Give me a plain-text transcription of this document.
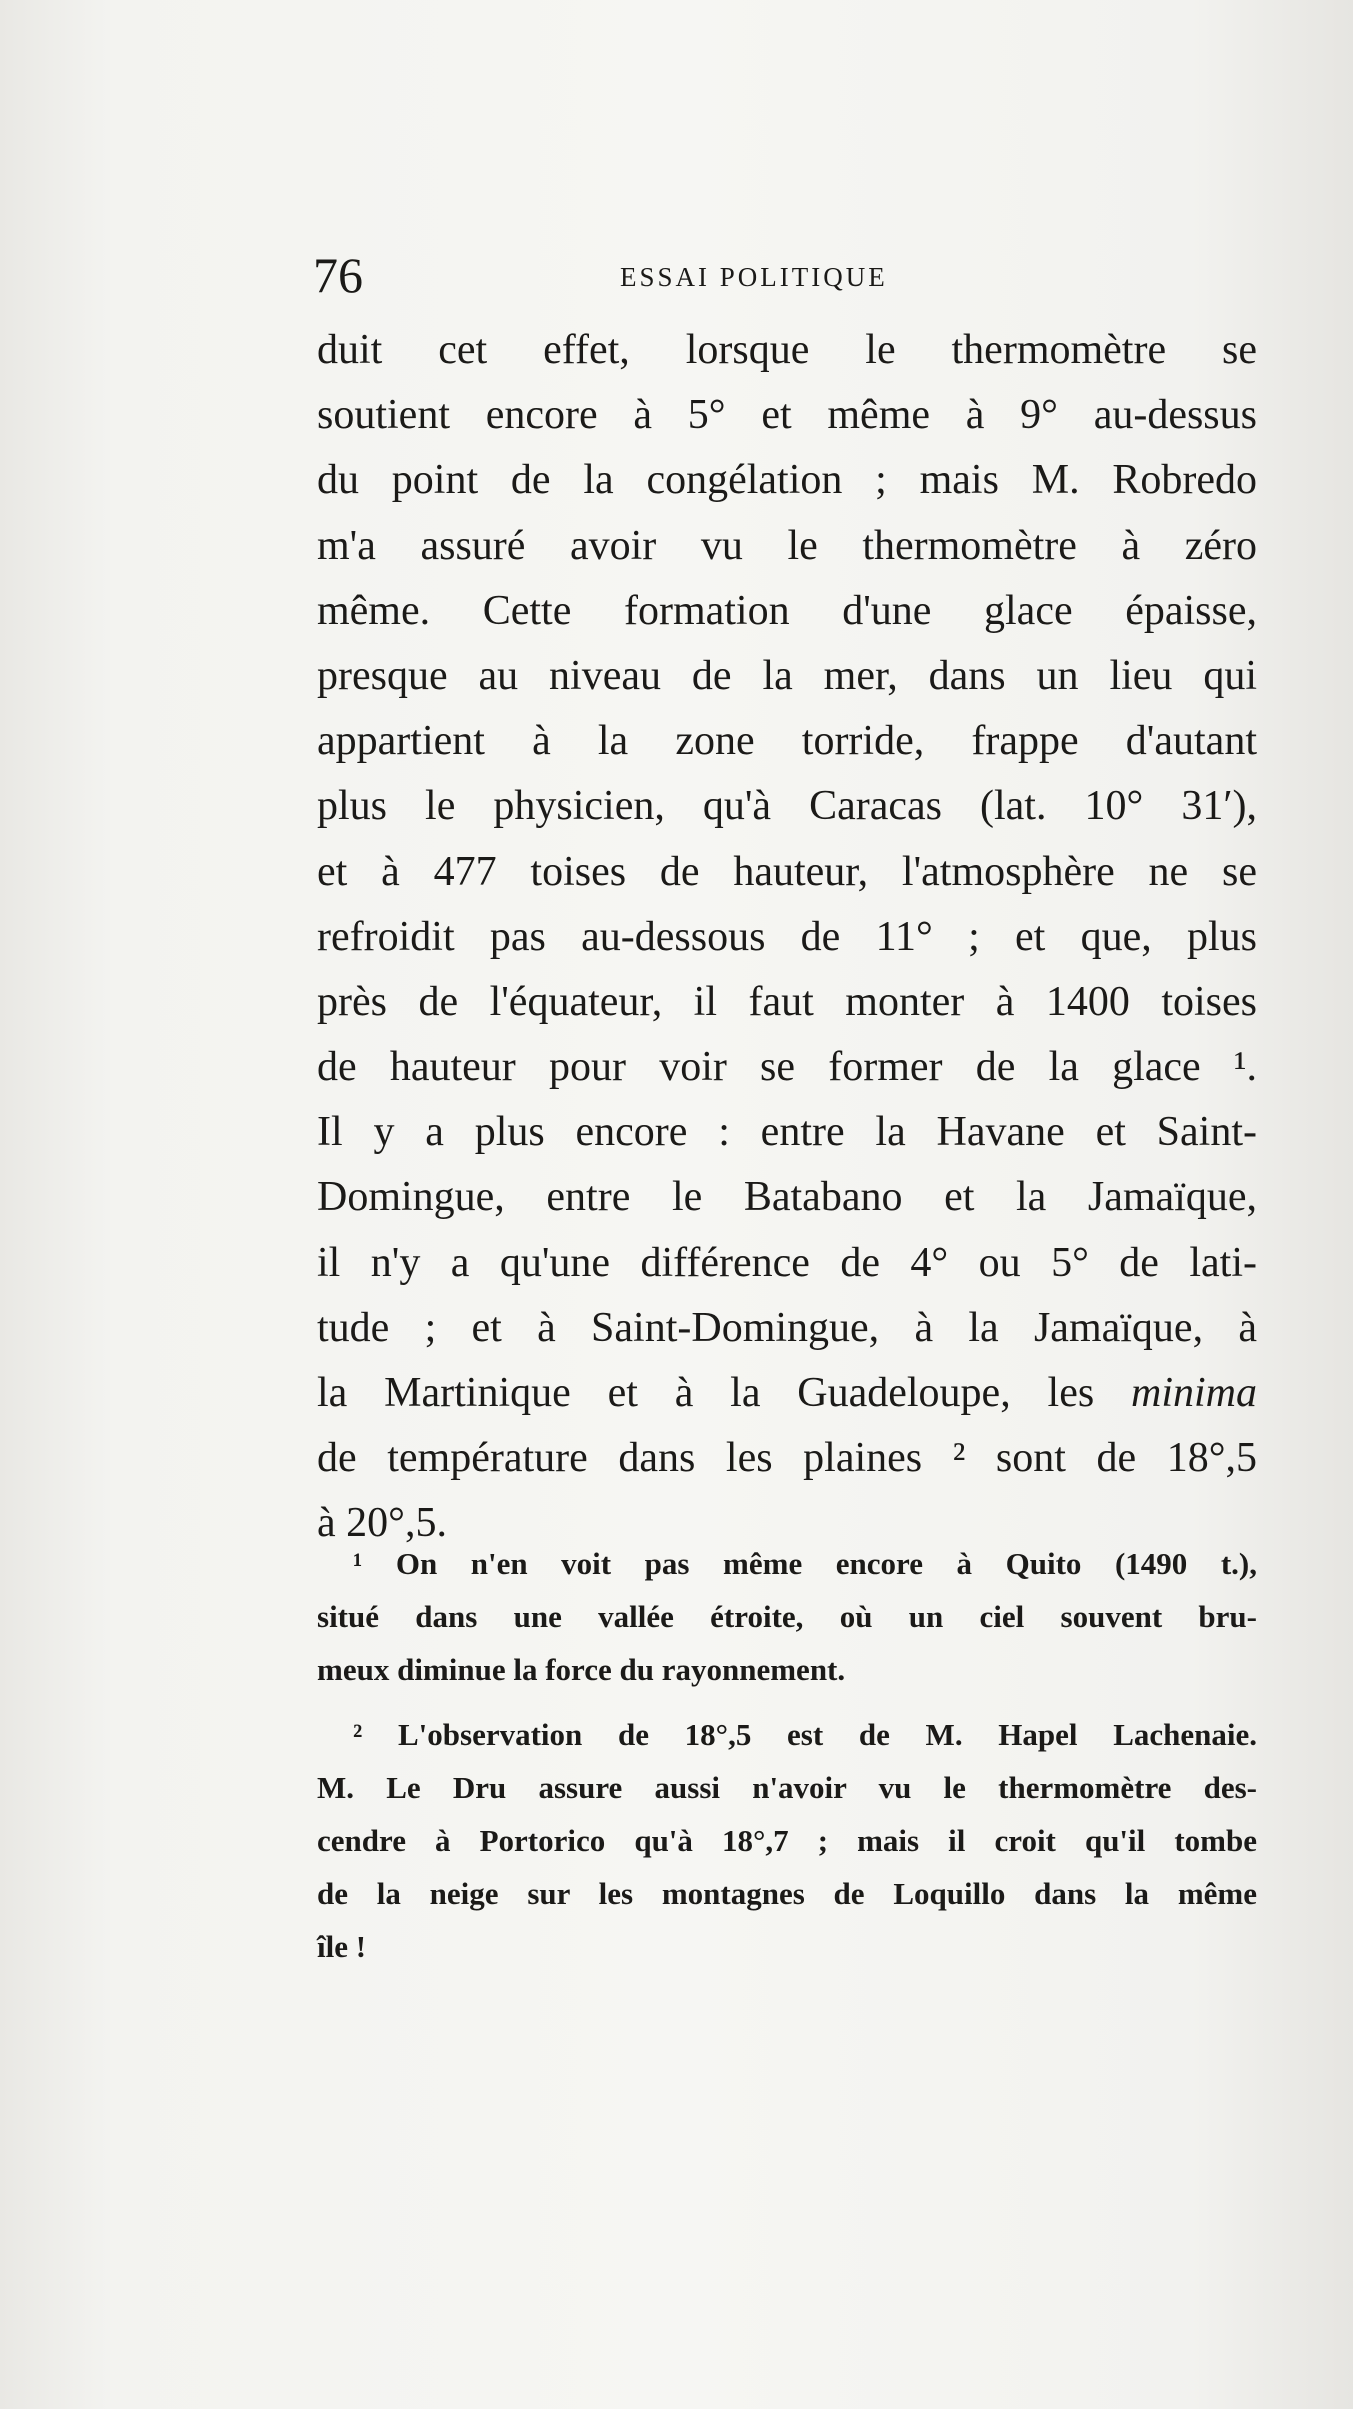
76	ESSAI POLITIQUE
duit cet effet, lorsque le thermomètre se
soutient encore à 5° et même à 9° au-dessus
du point de la congélation ; mais M. Robredo
m'a assuré avoir vu le thermomètre à zéro
même. Cette formation d'une glace épaisse,
presque au niveau de la mer, dans un lieu qui
appartient à la zone torride, frappe d'autant
plus le physicien, qu'à Caracas (lat. 10° 31′),
et à 477 toises de hauteur, l'atmosphère ne se
refroidit pas au-dessous de 11° ; et que, plus
près de l'équateur, il faut monter à 1400 toises
de hauteur pour voir se former de la glace ¹.
Il y a plus encore : entre la Havane et Saint-
Domingue, entre le Batabano et la Jamaïque,
il n'y a qu'une différence de 4° ou 5° de lati-
tude ; et à Saint-Domingue, à la Jamaïque, à
la Martinique et à la Guadeloupe, les minima
de température dans les plaines ² sont de 18°,5
à 20°,5.
¹ On n'en voit pas même encore à Quito (1490 t.),
situé dans une vallée étroite, où un ciel souvent bru-
meux diminue la force du rayonnement.
² L'observation de 18°,5 est de M. Hapel Lachenaie.
M. Le Dru assure aussi n'avoir vu le thermomètre des-
cendre à Portorico qu'à 18°,7 ; mais il croit qu'il tombe
de la neige sur les montagnes de Loquillo dans la même
île !
